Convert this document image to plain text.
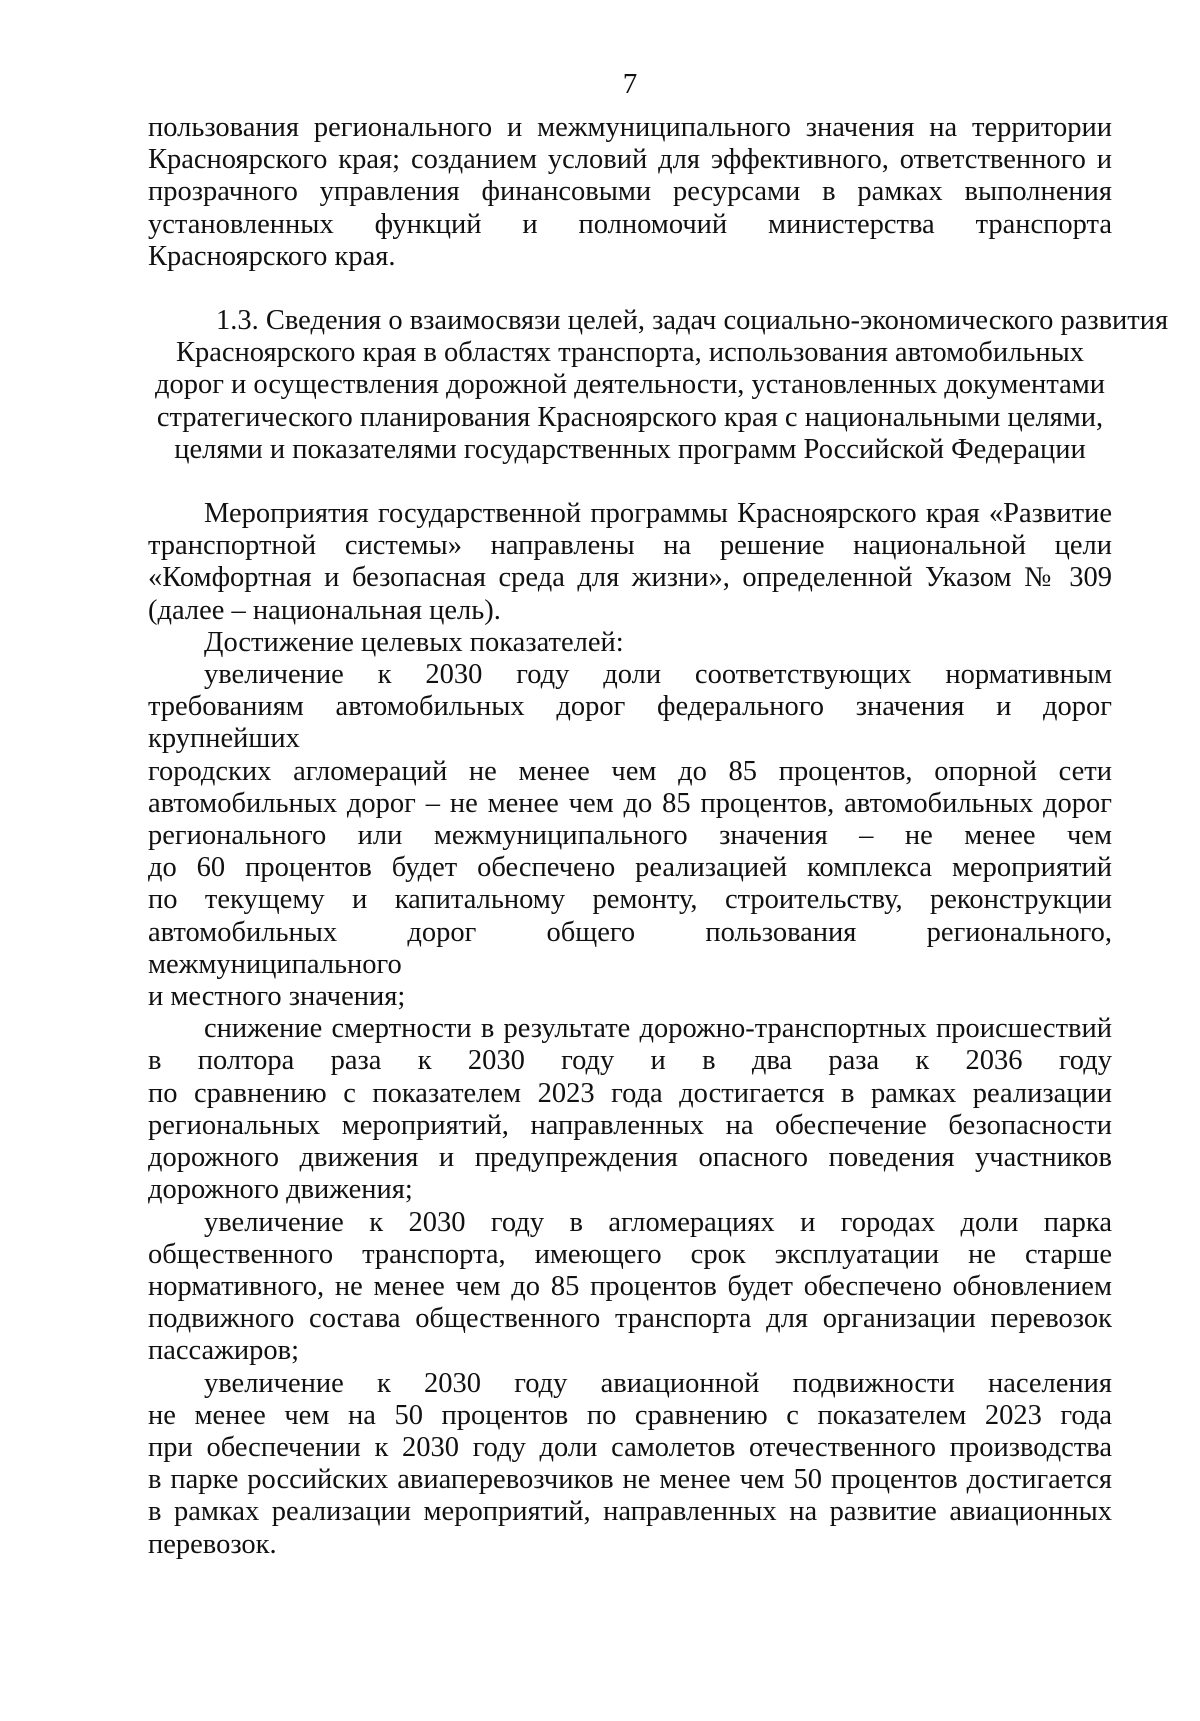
7
пользования регионального и межмуниципального значения на территории
Красноярского края; созданием условий для эффективного, ответственного и
прозрачного управления финансовыми ресурсами в рамках выполнения
установленных функций и полномочий министерства транспорта
Красноярского края.
1.3. Сведения о взаимосвязи целей, задач социально-экономического развития
Красноярского края в областях транспорта, использования автомобильных
дорог и осуществления дорожной деятельности, установленных документами
стратегического планирования Красноярского края с национальными целями,
целями и показателями государственных программ Российской Федерации
Мероприятия государственной программы Красноярского края «Развитие
транспортной системы» направлены на решение национальной цели
«Комфортная и безопасная среда для жизни», определенной Указом № 309
(далее – национальная цель).
Достижение целевых показателей:
увеличение к 2030 году доли соответствующих нормативным
требованиям автомобильных дорог федерального значения и дорог крупнейших
городских агломераций не менее чем до 85 процентов, опорной сети
автомобильных дорог – не менее чем до 85 процентов, автомобильных дорог
регионального или межмуниципального значения – не менее чем
до 60 процентов будет обеспечено реализацией комплекса мероприятий
по текущему и капитальному ремонту, строительству, реконструкции
автомобильных дорог общего пользования регионального, межмуниципального
и местного значения;
снижение смертности в результате дорожно-транспортных происшествий
в полтора раза к 2030 году и в два раза к 2036 году
по сравнению с показателем 2023 года достигается в рамках реализации
региональных мероприятий, направленных на обеспечение безопасности
дорожного движения и предупреждения опасного поведения участников
дорожного движения;
увеличение к 2030 году в агломерациях и городах доли парка
общественного транспорта, имеющего срок эксплуатации не старше
нормативного, не менее чем до 85 процентов будет обеспечено обновлением
подвижного состава общественного транспорта для организации перевозок
пассажиров;
увеличение к 2030 году авиационной подвижности населения
не менее чем на 50 процентов по сравнению с показателем 2023 года
при обеспечении к 2030 году доли самолетов отечественного производства
в парке российских авиаперевозчиков не менее чем 50 процентов достигается
в рамках реализации мероприятий, направленных на развитие авиационных
перевозок.
